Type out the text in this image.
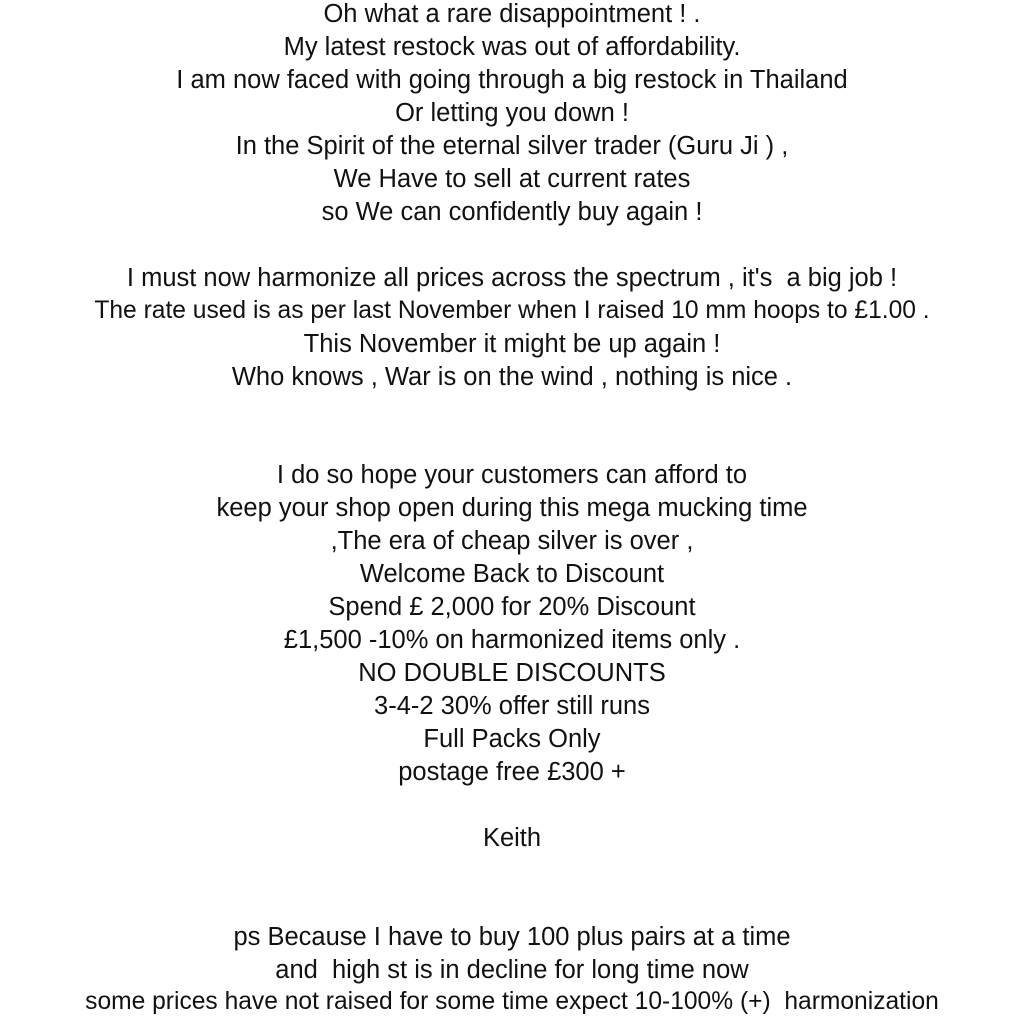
Oh what a rare disappointment ! .
My latest restock was out of affordability.
I am now faced with going through a big restock in Thailand
Or letting you down !
In the Spirit of the eternal silver trader (Guru Ji ) ,
We Have to sell at current rates
so We can confidently buy again !
I must now harmonize all prices across the spectrum , it's  a big job !
The rate used is as per last November when I raised 10 mm hoops to £1.00 .
This November it might be up again !
Who knows , War is on the wind , nothing is nice .
I do so hope your customers can afford to
keep your shop open during this mega mucking time
,The era of cheap silver is over ,
Welcome Back to Discount
Spend £ 2,000 for 20% Discount
£1,500 -10% on harmonized items only .
NO DOUBLE DISCOUNTS
3-4-2 30% offer still runs
Full Packs Only
postage free £300 +
Keith
ps Because I have to buy 100 plus pairs at a time
and  high st is in decline for long time now
some prices have not raised for some time expect 10-100% (+)  harmonization
